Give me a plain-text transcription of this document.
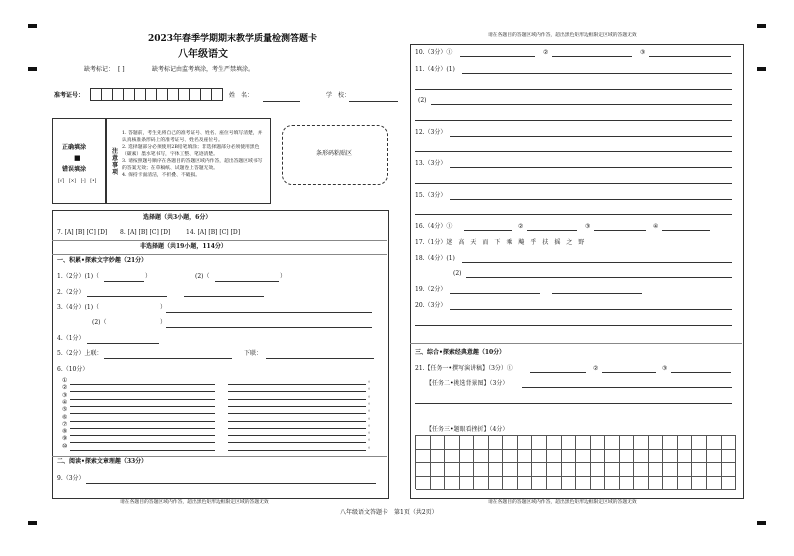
2023年春季学期期末教学质量检测答题卡
八年级语文
缺考标记： [ ]	缺考标记由监考填涂，考生严禁填涂。
准考证号：	姓　名：	学　校：
正确填涂
■
错误填涂
[√]　[×]　[-]　[•]
注意事项
1. 答题前，考生先将自己的准考证号、姓名、座位号填写清楚，并认真核准条形码上的准考证号、姓名及座位号。
2. 选择题部分必须使用2B铅笔填涂；非选择题部分必须使用黑色（碳素）墨水笔书写，字体工整、笔迹清楚。
3. 请按照题号顺序在各题目的答题区域内作答，超出答题区域书写的答案无效；在草稿纸、试题卷上答题无效。
4. 保持卡面清洁，不折叠、不破损。
条形码粘贴区
选择题（共3小题，6分）
7. [A] [B] [C] [D] 8. [A] [B] [C] [D]	14. [A] [B] [C] [D]
非选择题（共19小题，114分）
一、积累•探索文字妙趣（21分）
1.（2分）(1)（	）	(2)（	）
2.（2分）
3.（4分）(1)（	）
(2)（	）
4.（1分）
5.（2分）上联：	下联：
6.（10分）
①	。
②	。
③	。
④	。
⑤	。
⑥	。
⑦	。
⑧	。
⑨	。
⑩	。
二、阅读•探索文章理趣（33分）
9.（3分）
请在各题目的答题区域内作答，超出黑色矩形边框限定区域的答题无效
请在各题目的答题区域内作答，超出黑色矩形边框限定区域的答题无效
10.（3分）①	②	③
11.（4分）(1)
(2)
12.（3分）
13.（3分）
15.（3分）
16.（4分）①	②	③	④
17.（1分）迷　高　天　而　下　乘　飚　乎　扶　摇　之　野
18.（4分）(1)
(2)
19.（2分）
20.（3分）
三、综合•探索经典意趣（10分）
21.【任务一•撰写演讲稿】（3分）①	②	③
【任务二•挑选背景图】（3分）
【任务三•题眼看挫折】（4分）
请在各题目的答题区域内作答，超出黑色矩形边框限定区域的答题无效
八年级语文答题卡　第1页（共2页）
